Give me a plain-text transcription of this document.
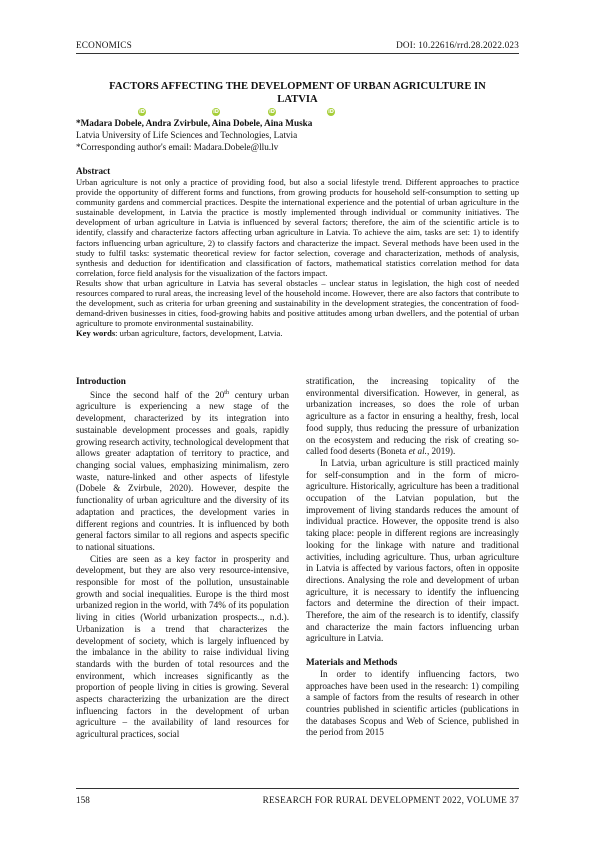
ECONOMICS	DOI: 10.22616/rrd.28.2022.023
FACTORS AFFECTING THE DEVELOPMENT OF URBAN AGRICULTURE IN LATVIA
iD	iD	iD	iD
*Madara Dobele, Andra Zvirbule, Aina Dobele, Aina Muska
Latvia University of Life Sciences and Technologies, Latvia
*Corresponding author's email: Madara.Dobele@llu.lv
Abstract

Urban agriculture is not only a practice of providing food, but also a social lifestyle trend. Different approaches to practice provide the opportunity of different forms and functions, from growing products for household self-consumption to setting up community gardens and commercial practices. Despite the international experience and the potential of urban agriculture in the sustainable development, in Latvia the practice is mostly implemented through individual or community initiatives. The development of urban agriculture in Latvia is influenced by several factors; therefore, the aim of the scientific article is to identify, classify and characterize factors affecting urban agriculture in Latvia. To achieve the aim, tasks are set: 1) to identify factors influencing urban agriculture, 2) to classify factors and characterize the impact. Several methods have been used in the study to fulfil tasks: systematic theoretical review for factor selection, coverage and characterization, methods of analysis, synthesis and deduction for identification and classification of factors, mathematical statistics correlation method for data correlation, force field analysis for the visualization of the factors impact.

Results show that urban agriculture in Latvia has several obstacles – unclear status in legislation, the high cost of needed resources compared to rural areas, the increasing level of the household income. However, there are also factors that contribute to the development, such as criteria for urban greening and sustainability in the development strategies, the concentration of food-demand-driven businesses in cities, food-growing habits and positive attitudes among urban dwellers, and the potential of urban agriculture to promote environmental sustainability.

Key words: urban agriculture, factors, development, Latvia.

Introduction

Since the second half of the 20th century urban agriculture is experiencing a new stage of the development, characterized by its integration into sustainable development processes and goals, rapidly growing research activity, technological development that allows greater adaptation of territory to practice, and changing social values, emphasizing minimalism, zero waste, nature-linked and other aspects of lifestyle (Dobele & Zvirbule, 2020). However, despite the functionality of urban agriculture and the diversity of its adaptation and practices, the development varies in different regions and countries. It is influenced by both general factors similar to all regions and aspects specific to national situations.

Cities are seen as a key factor in prosperity and development, but they are also very resource-intensive, responsible for most of the pollution, unsustainable growth and social inequalities. Europe is the third most urbanized region in the world, with 74% of its population living in cities (World urbanization prospects.., n.d.). Urbanization is a trend that characterizes the development of society, which is largely influenced by the imbalance in the ability to raise individual living standards with the burden of total resources and the environment, which increases significantly as the proportion of people living in cities is growing. Several aspects characterizing the urbanization are the direct influencing factors in the development of urban agriculture – the availability of land resources for agricultural practices, social

stratification, the increasing topicality of the environmental diversification. However, in general, as urbanization increases, so does the role of urban agriculture as a factor in ensuring a healthy, fresh, local food supply, thus reducing the pressure of urbanization on the ecosystem and reducing the risk of creating so-called food deserts (Boneta et al., 2019).

In Latvia, urban agriculture is still practiced mainly for self-consumption and in the form of micro-agriculture. Historically, agriculture has been a traditional occupation of the Latvian population, but the improvement of living standards reduces the amount of individual practice. However, the opposite trend is also taking place: people in different regions are increasingly looking for the linkage with nature and traditional activities, including agriculture. Thus, urban agriculture in Latvia is affected by various factors, often in opposite directions. Analysing the role and development of urban agriculture, it is necessary to identify the influencing factors and determine the direction of their impact. Therefore, the aim of the research is to identify, classify and characterize the main factors influencing urban agriculture in Latvia.

Materials and Methods

In order to identify influencing factors, two approaches have been used in the research: 1) compiling a sample of factors from the results of research in other countries published in scientific articles (publications in the databases Scopus and Web of Science, published in the period from 2015

158	RESEARCH FOR RURAL DEVELOPMENT 2022, VOLUME 37
